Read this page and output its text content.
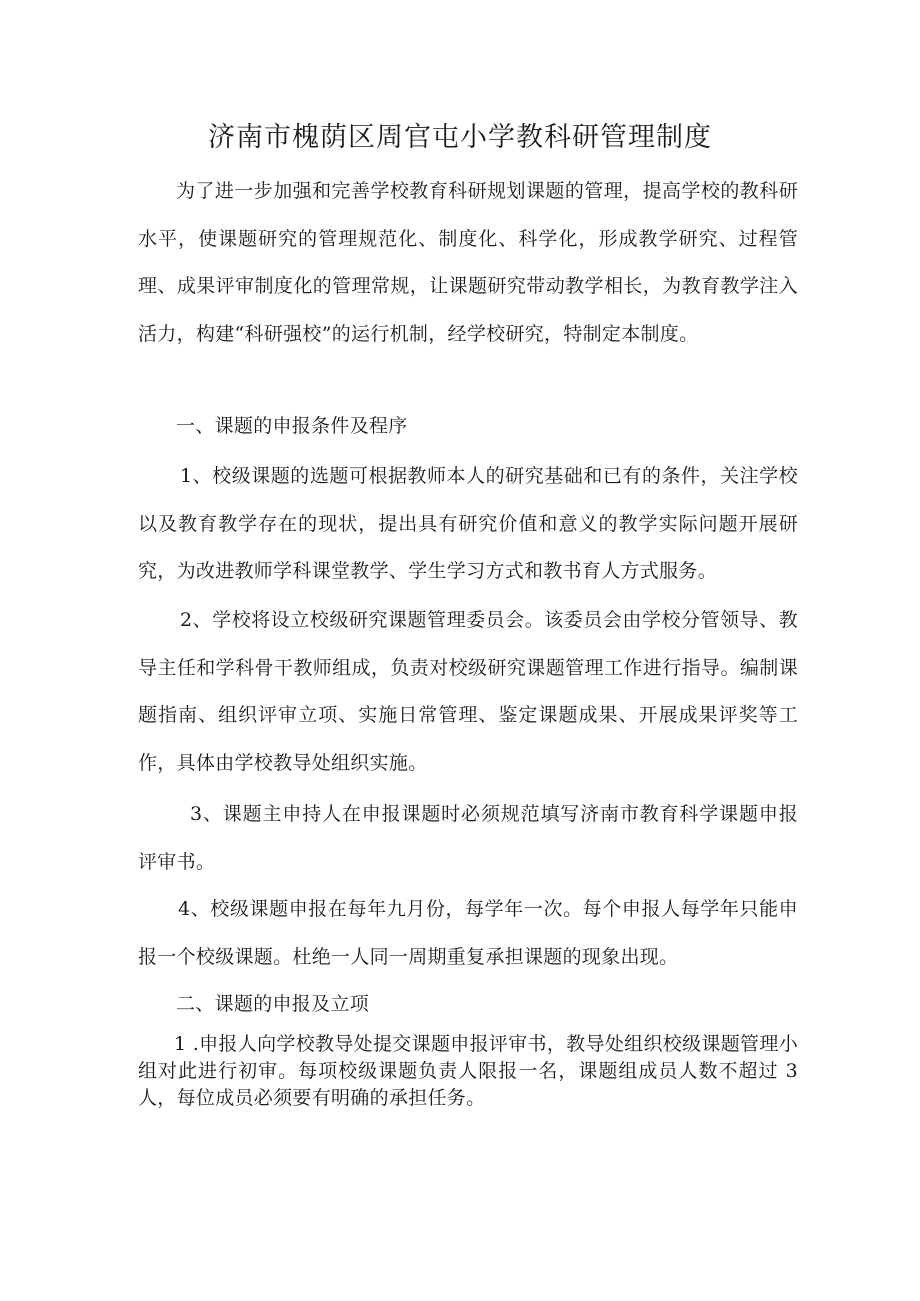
济南市槐荫区周官屯小学教科研管理制度

为了进一步加强和完善学校教育科研规划课题的管理，提高学校的教科研水平，使课题研究的管理规范化、制度化、科学化，形成教学研究、过程管理、成果评审制度化的管理常规，让课题研究带动教学相长，为教育教学注入活力，构建“科研强校”的运行机制，经学校研究，特制定本制度。

一、课题的申报条件及程序

1、校级课题的选题可根据教师本人的研究基础和已有的条件，关注学校以及教育教学存在的现状，提出具有研究价值和意义的教学实际问题开展研究，为改进教师学科课堂教学、学生学习方式和教书育人方式服务。

2、学校将设立校级研究课题管理委员会。该委员会由学校分管领导、教导主任和学科骨干教师组成，负责对校级研究课题管理工作进行指导。编制课题指南、组织评审立项、实施日常管理、鉴定课题成果、开展成果评奖等工作，具体由学校教导处组织实施。

3、课题主申持人在申报课题时必须规范填写济南市教育科学课题申报评审书。

4、校级课题申报在每年九月份，每学年一次。每个申报人每学年只能申报一个校级课题。杜绝一人同一周期重复承担课题的现象出现。

二、课题的申报及立项

1 .申报人向学校教导处提交课题申报评审书，教导处组织校级课题管理小组对此进行初审。每项校级课题负责人限报一名，课题组成员人数不超过 3 人，每位成员必须要有明确的承担任务。
